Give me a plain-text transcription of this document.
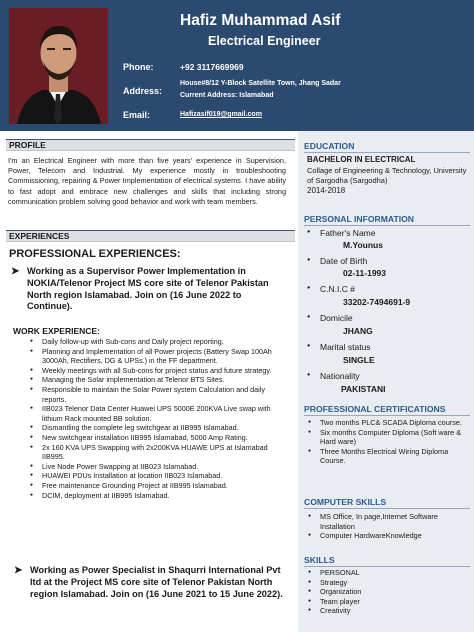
Hafiz Muhammad Asif
Electrical Engineer
Phone:	+92 3117669969
Address:
House#8/12 Y-Block Satellite Town, Jhang Sadar
Current Address: Islamabad
Email:	Hafizasif019@gmail.com
PROFILE
I'm an Electrical Engineer with more than five years' experience in Supervision, Power, Telecom and Industrial. My experience mostly in troubleshooting Commissioning, repairing & Power Implementation of electrical systems. I have ability to fast adopt and embrace new challenges and skills that including strong communication problem solving good behavior and work with team members.
EXPERIENCES
PROFESSIONAL EXPERIENCES:
➤ Working as a Supervisor Power Implementation in NOKIA/Telenor Project MS core site of Telenor Pakistan North region Islamabad. Join on (16 June 2022 to Continue).
WORK EXPERIENCE:
● Daily follow-up with Sub-cons and Daily project reporting.
● Planning and Implementation of all Power projects (Battery Swap 100Ah 3000Ah, Rectifiers, DG & UPSs.) in the FF department.
● Weekly meetings with all Sub-cons for project status and future strategy.
● Managing the Solar implementation at Telenor BTS Sites.
● Responsible to maintain the Solar Power system Calculation and daily reports.
● IIB023 Telenor Data Center Huawei UPS 5000E 200KVA Live swap with lithium Rack mounted BB solution.
● Dismantling the complete leg switchgear at IIB995 Islamabad.
● New switchgear installation IIB995 Islamabad, 5000 Amp Rating.
● 2x 160 KVA UPS Swapping with 2x200KVA HUAWE UPS at Islamabad IIB995.
● Live Node Power Swapping at IIB023 Islamabad.
● HUAWEI PDUs Installation at location IIB023 Islamabad.
● Free maintenance Grounding Project at IIB995 Islamabad.
● DCIM, deployment at IIB995 Islamabad.
➤ Working as Power Specialist in Shaqurri International Pvt ltd at the Project MS core site of Telenor Pakistan North region Islamabad. Join on (16 June 2021 to 15 June 2022).
EDUCATION
BACHELOR IN ELECTRICAL
Collage of Engineering & Technology, University of Sargodha (Sargodha)
2014-2018
PERSONAL INFORMATION
● Father's Name
M.Younus
● Date of Birth
02-11-1993
● C.N.I.C #
33202-7494691-9
● Domicile
JHANG
● Marital status
SINGLE
● Nationality
PAKISTANI
PROFESSIONAL CERTIFICATIONS
● Two months PLC& SCADA Diploma course.
● Six months Computer Diploma (Soft ware & Hard ware)
● Three Months Electrical Wiring Diploma Course.
COMPUTER SKILLS
● MS Office, In page,Internet Software Installation
● Computer HardwareKnowledge
SKILLS
● PERSONAL
● Strategy
● Organization
● Team player
● Creativity
